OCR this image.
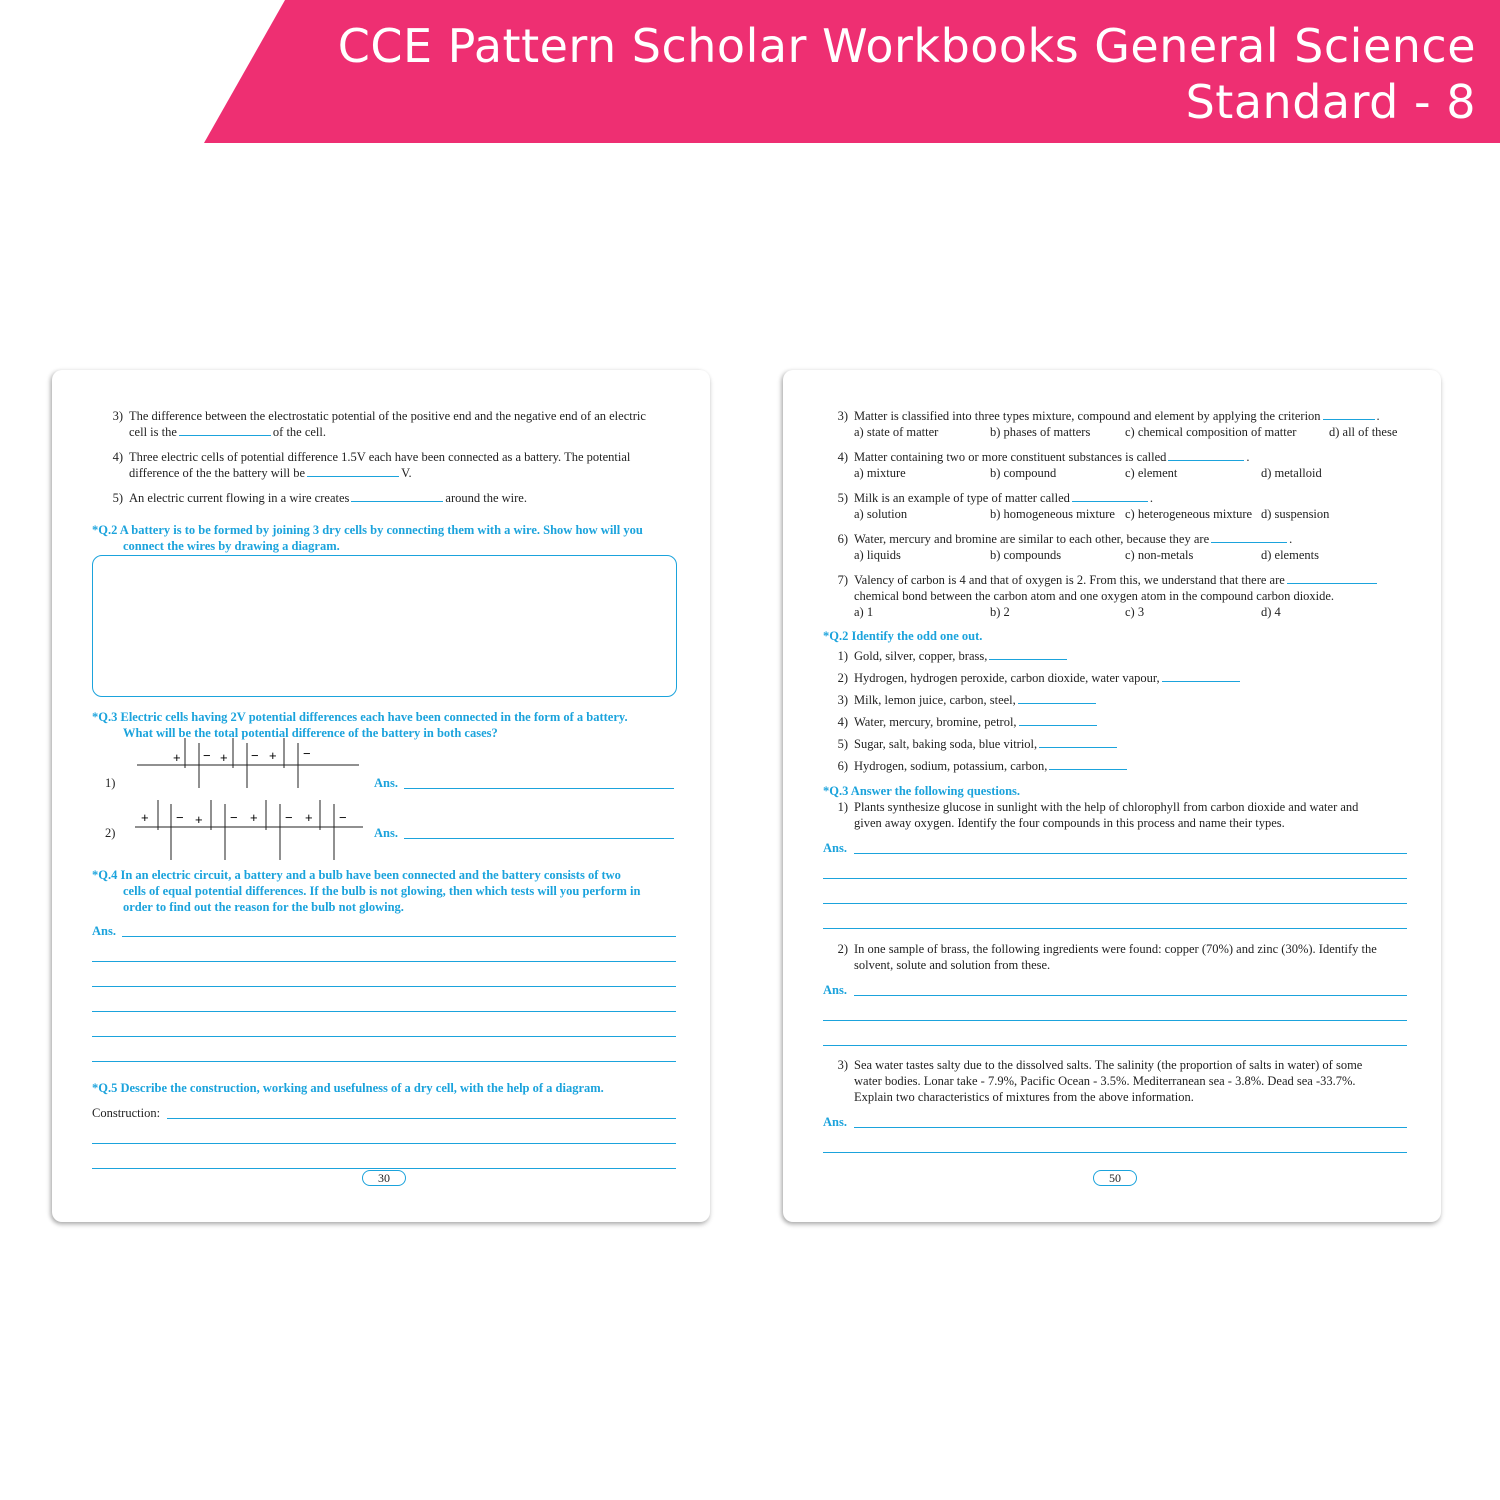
CCE Pattern Scholar Workbooks General Science
Standard - 8
3) The difference between the electrostatic potential of the positive end and the negative end of an electric
cell is the	of the cell.
4) Three electric cells of potential difference 1.5V each have been connected as a battery. The potential
difference of the the battery will be	V.
5) An electric current flowing in a wire creates	around the wire.
*Q.2 A battery is to be formed by joining 3 dry cells by connecting them with a wire. Show how will you
connect the wires by drawing a diagram.
*Q.3 Electric cells having 2V potential differences each have been connected in the form of a battery.
What will be the total potential difference of the battery in both cases?
+ − + − + −
1)	Ans.
+ − + − + − + −
2)	Ans.
*Q.4 In an electric circuit, a battery and a bulb have been connected and the battery consists of two
cells of equal potential differences. If the bulb is not glowing, then which tests will you perform in
order to find out the reason for the bulb not glowing.
Ans.
*Q.5 Describe the construction, working and usefulness of a dry cell, with the help of a diagram.
Construction:
30
3) Matter is classified into three types mixture, compound and element by applying the criterion	.
a) state of matter	b) phases of matters	c) chemical composition of matter	d) all of these
4) Matter containing two or more constituent substances is called	.
a) mixture	b) compound	c) element	d) metalloid
5) Milk is an example of type of matter called	.
a) solution	b) homogeneous mixture c) heterogeneous mixture d) suspension
6) Water, mercury and bromine are similar to each other, because they are	.
a) liquids	b) compounds	c) non-metals	d) elements
7) Valency of carbon is 4 and that of oxygen is 2. From this, we understand that there are
chemical bond between the carbon atom and one oxygen atom in the compound carbon dioxide.
a) 1	b) 2	c) 3	d) 4
*Q.2 Identify the odd one out.
1) Gold, silver, copper, brass,
2) Hydrogen, hydrogen peroxide, carbon dioxide, water vapour,
3) Milk, lemon juice, carbon, steel,
4) Water, mercury, bromine, petrol,
5) Sugar, salt, baking soda, blue vitriol,
6) Hydrogen, sodium, potassium, carbon,
*Q.3 Answer the following questions.
1) Plants synthesize glucose in sunlight with the help of chlorophyll from carbon dioxide and water and
given away oxygen. Identify the four compounds in this process and name their types.
Ans.
2) In one sample of brass, the following ingredients were found: copper (70%) and zinc (30%). Identify the
solvent, solute and solution from these.
Ans.
3) Sea water tastes salty due to the dissolved salts. The salinity (the proportion of salts in water) of some
water bodies. Lonar take - 7.9%, Pacific Ocean - 3.5%. Mediterranean sea - 3.8%. Dead sea -33.7%.
Explain two characteristics of mixtures from the above information.
Ans.
50
